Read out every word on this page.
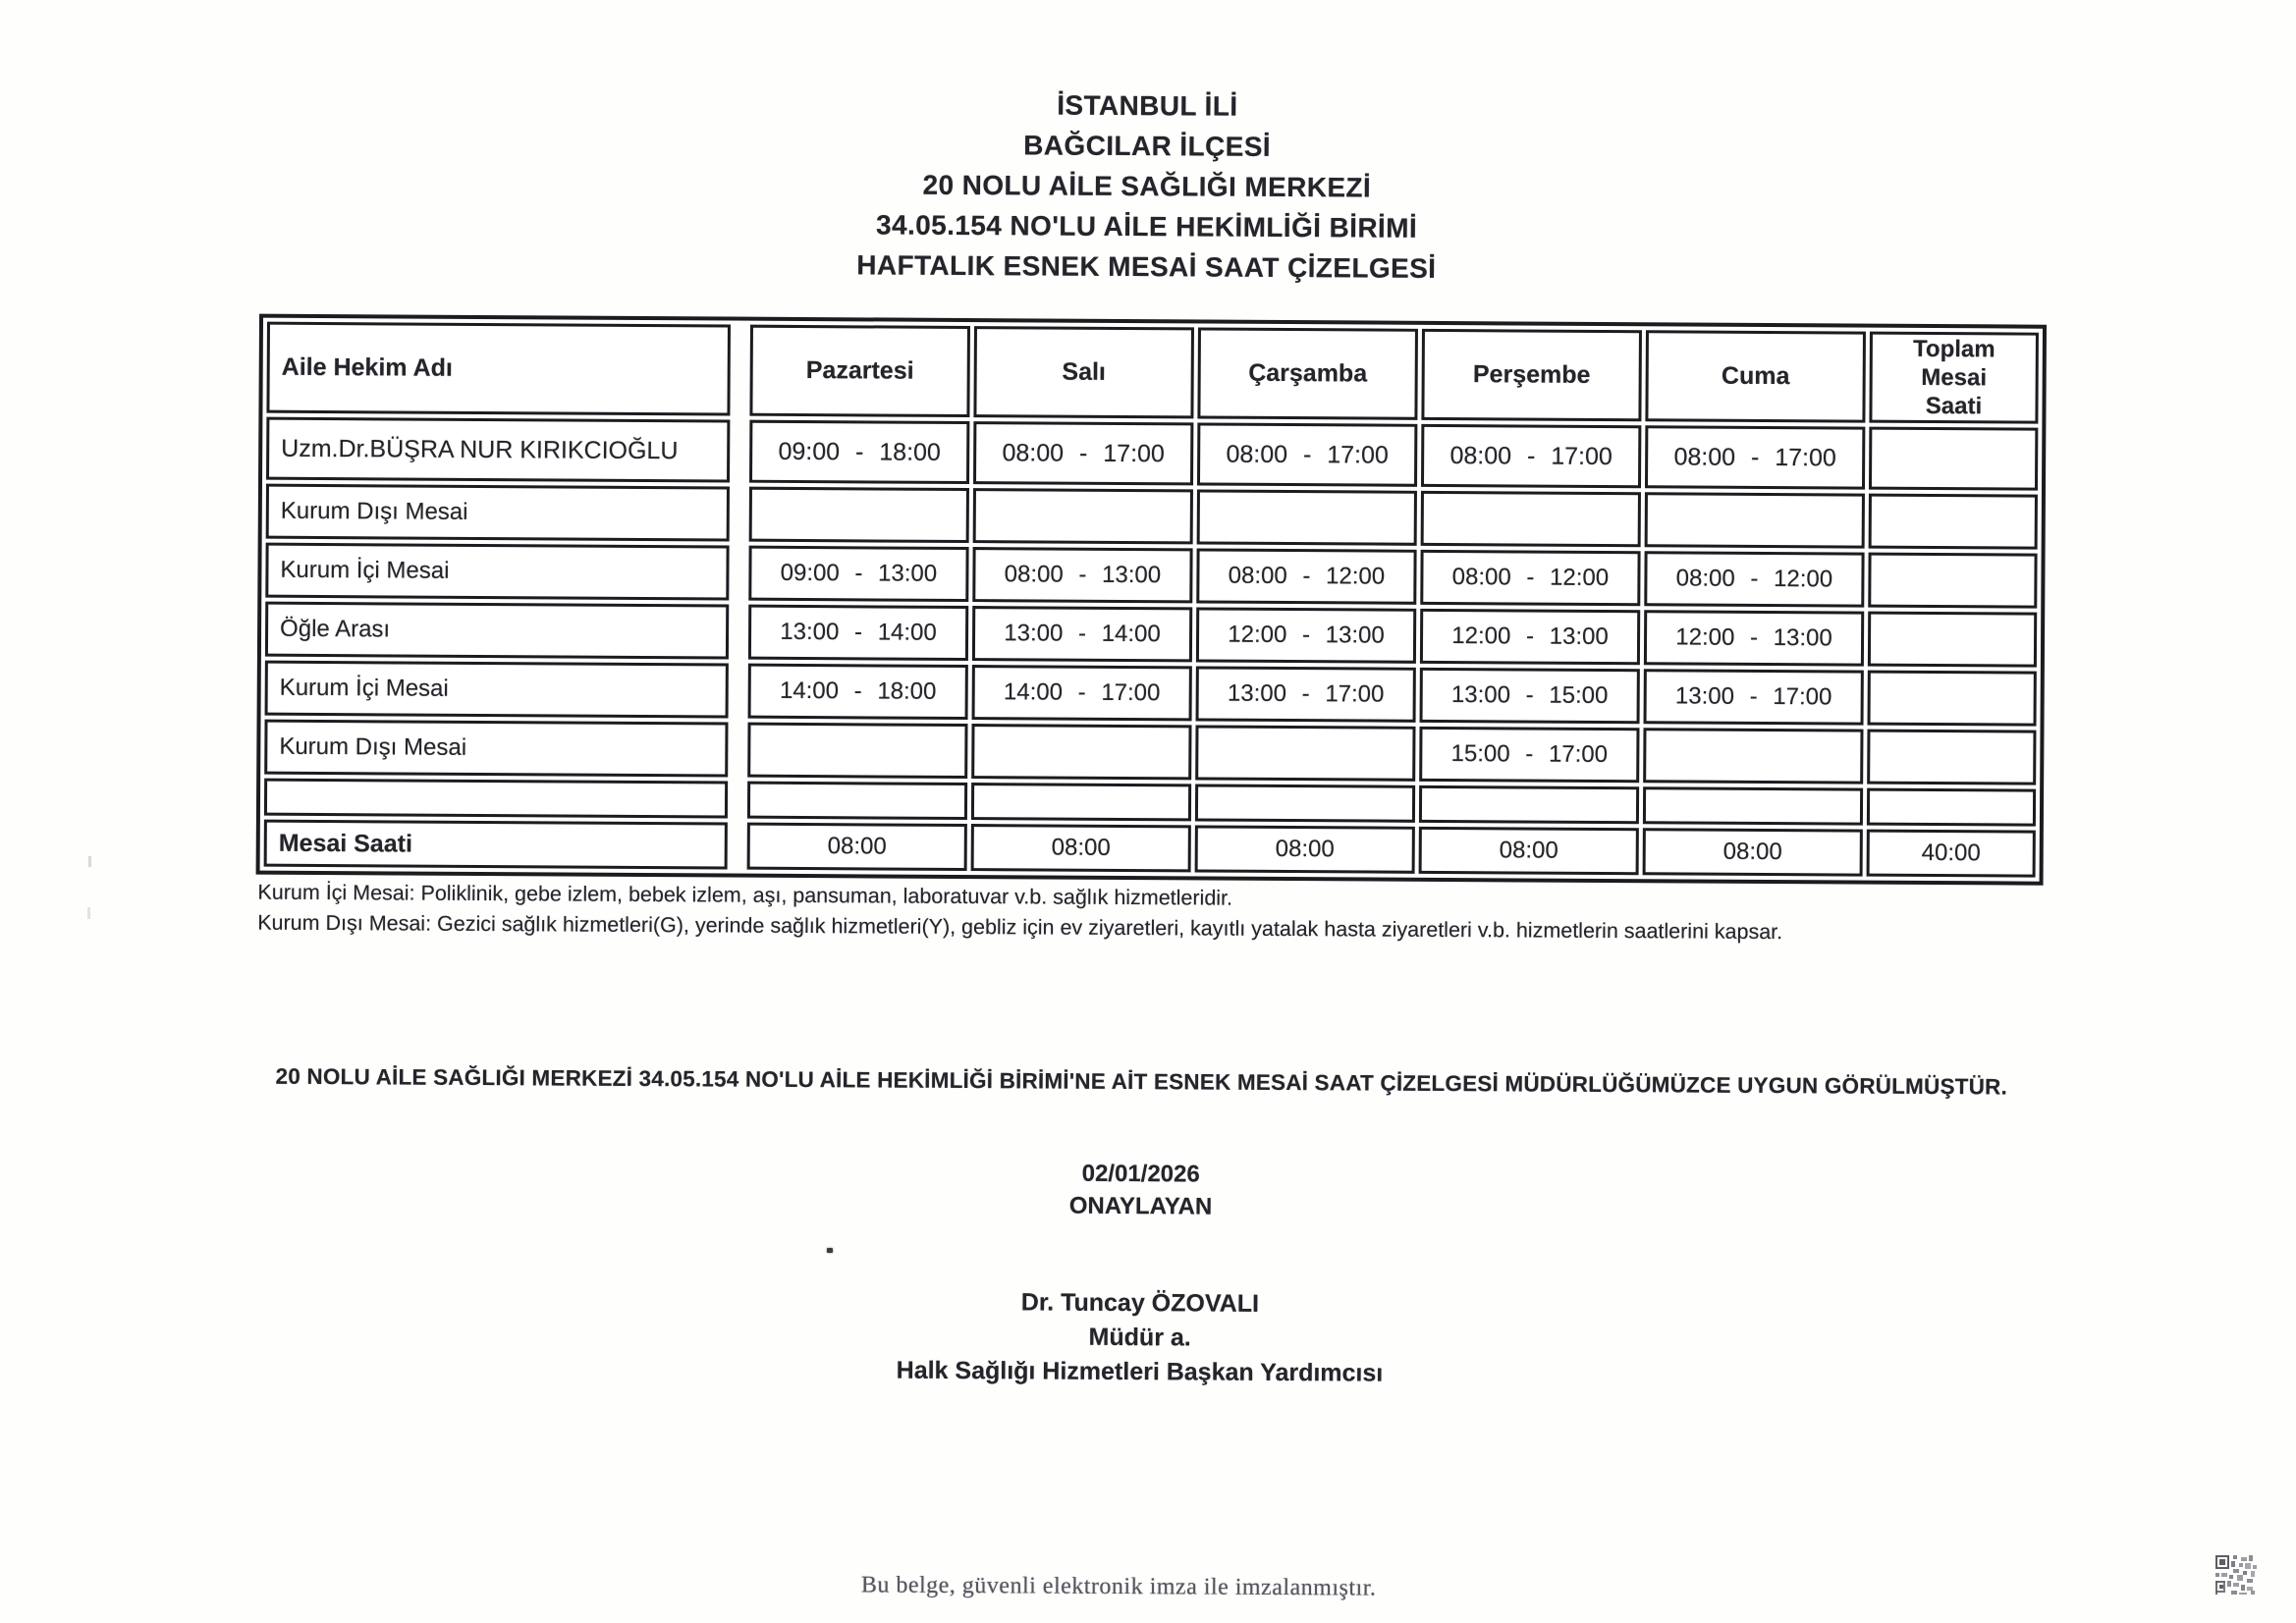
İSTANBUL İLİ
BAĞCILAR İLÇESİ
20 NOLU AİLE SAĞLIĞI MERKEZİ
34.05.154 NO'LU AİLE HEKİMLİĞİ BİRİMİ
HAFTALIK ESNEK MESAİ SAAT ÇİZELGESİ
Aile Hekim Adı		Pazartesi	Salı	Çarşamba	Perşembe	Cuma	Toplam Mesai Saati
Uzm.Dr.BÜŞRA NUR KIRIKCIOĞLU		09:00 - 18:00	08:00 - 17:00	08:00 - 17:00	08:00 - 17:00	08:00 - 17:00	
Kurum Dışı Mesai							
Kurum İçi Mesai		09:00 - 13:00	08:00 - 13:00	08:00 - 12:00	08:00 - 12:00	08:00 - 12:00	
Öğle Arası		13:00 - 14:00	13:00 - 14:00	12:00 - 13:00	12:00 - 13:00	12:00 - 13:00	
Kurum İçi Mesai		14:00 - 18:00	14:00 - 17:00	13:00 - 17:00	13:00 - 15:00	13:00 - 17:00	
Kurum Dışı Mesai					15:00 - 17:00		

Mesai Saati		08:00	08:00	08:00	08:00	08:00	40:00
Kurum İçi Mesai: Poliklinik, gebe izlem, bebek izlem, aşı, pansuman, laboratuvar v.b. sağlık hizmetleridir.
Kurum Dışı Mesai: Gezici sağlık hizmetleri(G), yerinde sağlık hizmetleri(Y), gebliz için ev ziyaretleri, kayıtlı yatalak hasta ziyaretleri v.b. hizmetlerin saatlerini kapsar.
20 NOLU AİLE SAĞLIĞI MERKEZİ 34.05.154 NO'LU AİLE HEKİMLİĞİ BİRİMİ'NE AİT ESNEK MESAİ SAAT ÇİZELGESİ MÜDÜRLÜĞÜMÜZCE UYGUN GÖRÜLMÜŞTÜR.
02/01/2026
ONAYLAYAN
Dr. Tuncay ÖZOVALI
Müdür a.
Halk Sağlığı Hizmetleri Başkan Yardımcısı
Bu belge, güvenli elektronik imza ile imzalanmıştır.
